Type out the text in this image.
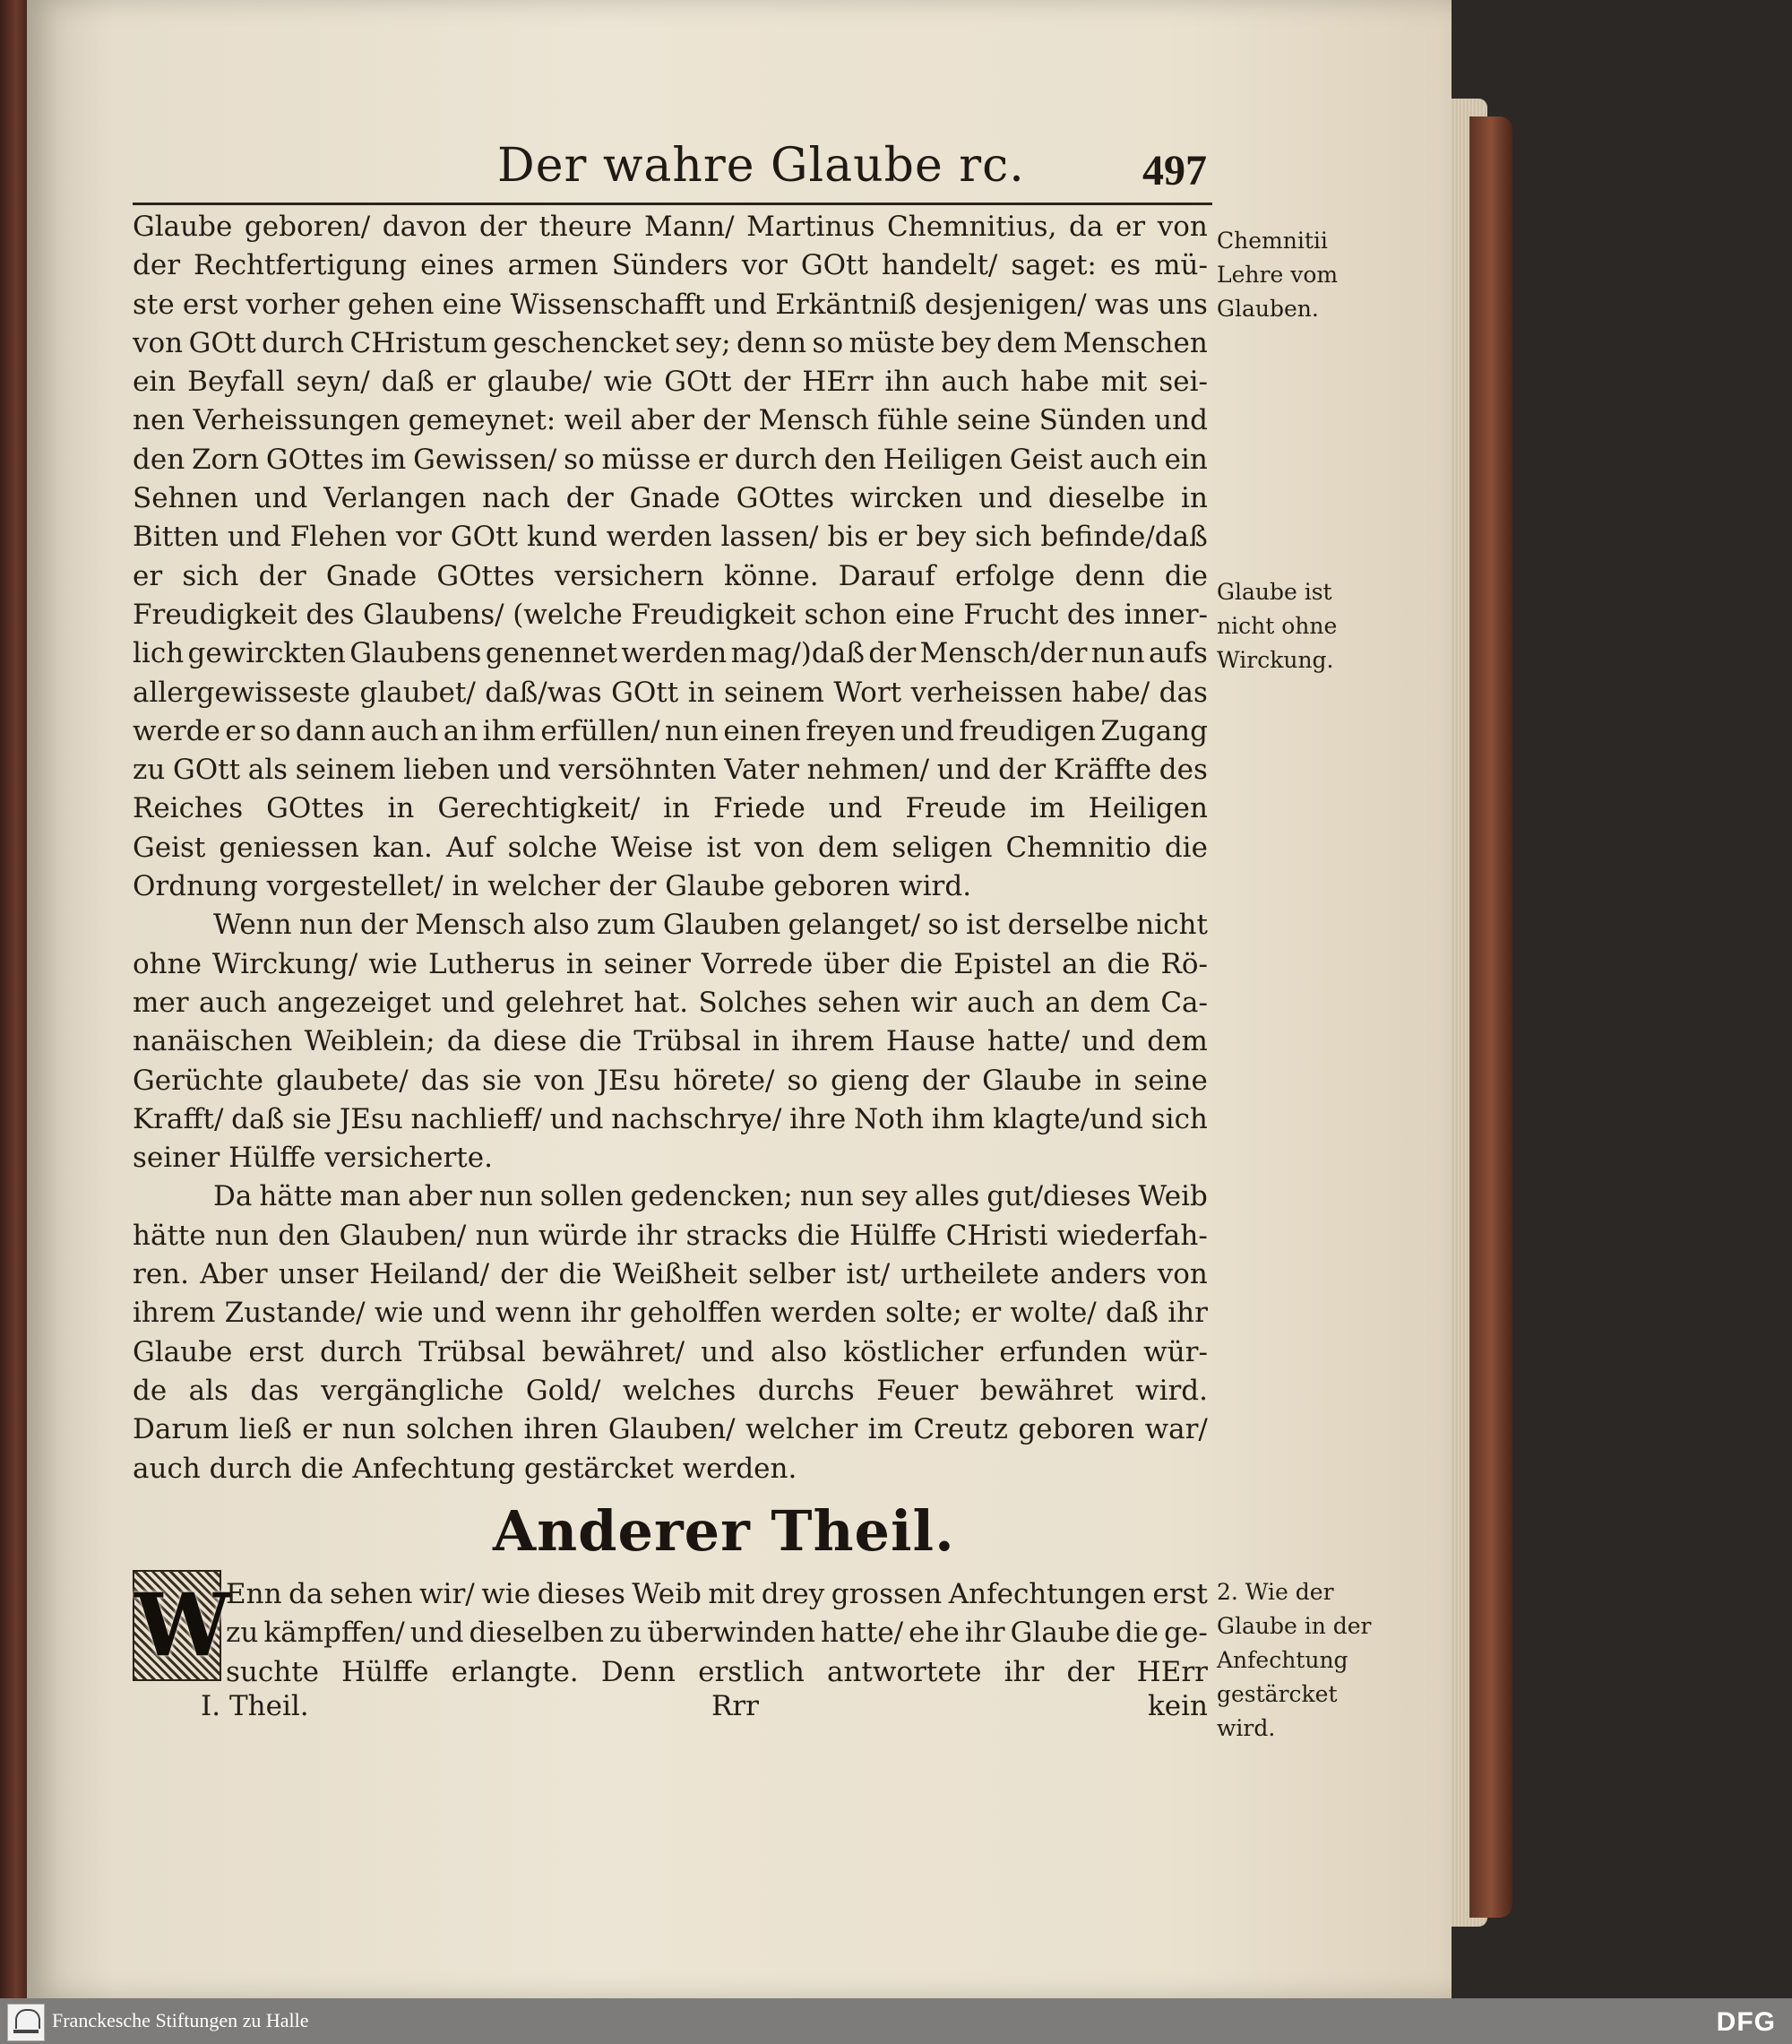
Der wahre Glaube rc.	497
Glaube geboren/ davon der theure Mann/ Martinus Chemnitius, da er von
der Rechtfertigung eines armen Sünders vor GOtt handelt/ saget: es mü-
ste erst vorher gehen eine Wissenschafft und Erkäntniß desjenigen/ was uns
von GOtt durch CHristum geschencket sey; denn so müste bey dem Menschen
ein Beyfall seyn/ daß er glaube/ wie GOtt der HErr ihn auch habe mit sei-
nen Verheissungen gemeynet: weil aber der Mensch fühle seine Sünden und
den Zorn GOttes im Gewissen/ so müsse er durch den Heiligen Geist auch ein
Sehnen und Verlangen nach der Gnade GOttes wircken und dieselbe in
Bitten und Flehen vor GOtt kund werden lassen/ bis er bey sich befinde/daß
er sich der Gnade GOttes versichern könne. Darauf erfolge denn die
Freudigkeit des Glaubens/ (welche Freudigkeit schon eine Frucht des inner-
lich gewirckten Glaubens genennet werden mag/)daß der Mensch/der nun aufs
allergewisseste glaubet/ daß/was GOtt in seinem Wort verheissen habe/ das
werde er so dann auch an ihm erfüllen/ nun einen freyen und freudigen Zugang
zu GOtt als seinem lieben und versöhnten Vater nehmen/ und der Kräffte des
Reiches GOttes in Gerechtigkeit/ in Friede und Freude im Heiligen
Geist geniessen kan. Auf solche Weise ist von dem seligen Chemnitio die
Ordnung vorgestellet/ in welcher der Glaube geboren wird.
Wenn nun der Mensch also zum Glauben gelanget/ so ist derselbe nicht
ohne Wirckung/ wie Lutherus in seiner Vorrede über die Epistel an die Rö-
mer auch angezeiget und gelehret hat. Solches sehen wir auch an dem Ca-
nanäischen Weiblein; da diese die Trübsal in ihrem Hause hatte/ und dem
Gerüchte glaubete/ das sie von JEsu hörete/ so gieng der Glaube in seine
Krafft/ daß sie JEsu nachlieff/ und nachschrye/ ihre Noth ihm klagte/und sich
seiner Hülffe versicherte.
Da hätte man aber nun sollen gedencken; nun sey alles gut/dieses Weib
hätte nun den Glauben/ nun würde ihr stracks die Hülffe CHristi wiederfah-
ren. Aber unser Heiland/ der die Weißheit selber ist/ urtheilete anders von
ihrem Zustande/ wie und wenn ihr geholffen werden solte; er wolte/ daß ihr
Glaube erst durch Trübsal bewähret/ und also köstlicher erfunden wür-
de als das vergängliche Gold/ welches durchs Feuer bewähret wird.
Darum ließ er nun solchen ihren Glauben/ welcher im Creutz geboren war/
auch durch die Anfechtung gestärcket werden.
Anderer Theil.
W
Enn da sehen wir/ wie dieses Weib mit drey grossen Anfechtungen erst
zu kämpffen/ und dieselben zu überwinden hatte/ ehe ihr Glaube die ge-
suchte Hülffe erlangte. Denn erstlich antwortete ihr der HErr
I. Theil.	Rrr	kein
Chemnitii
Lehre vom
Glauben.
Glaube ist
nicht ohne
Wirckung.
2. Wie der
Glaube in der
Anfechtung
gestärcket
wird.
Franckesche Stiftungen zu Halle	DFG
